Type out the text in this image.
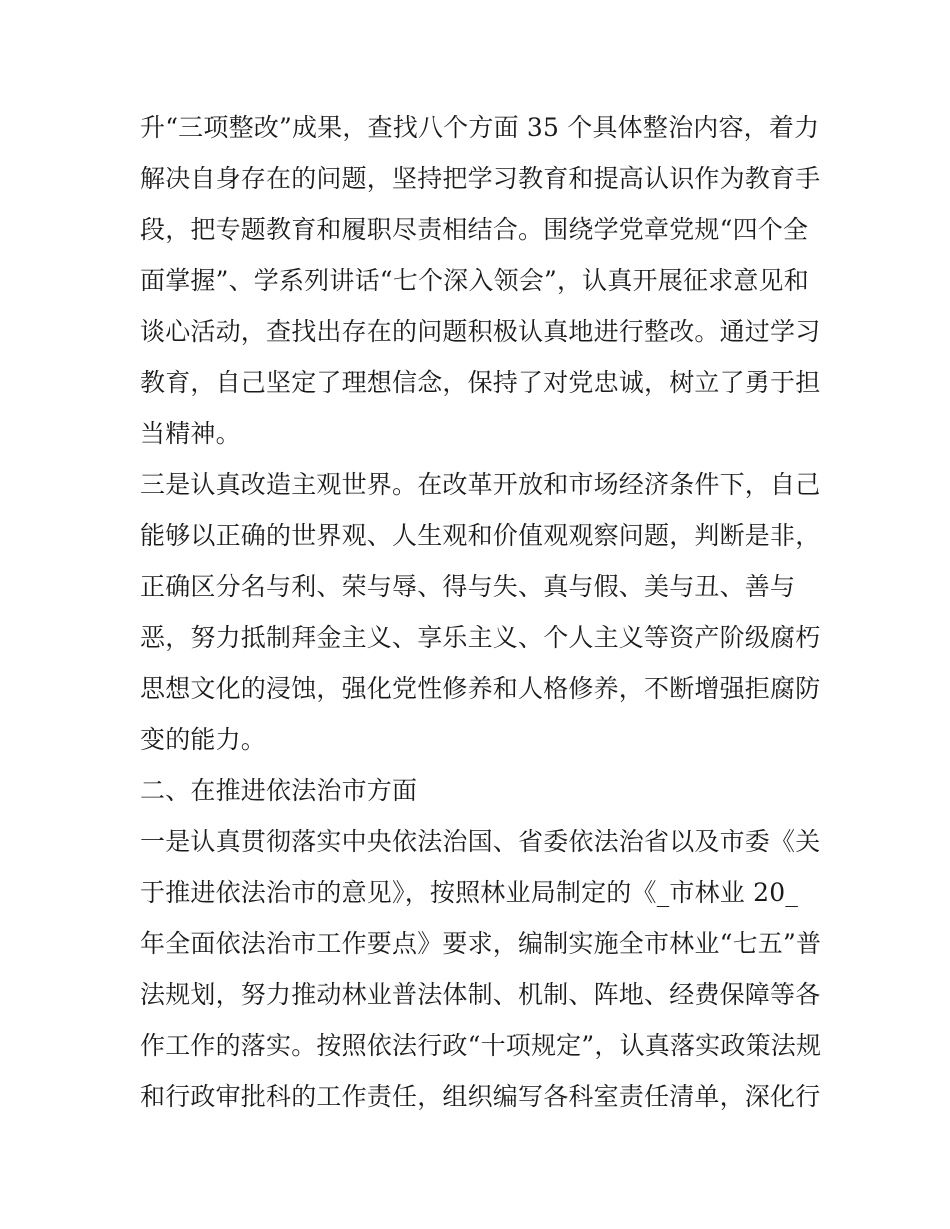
升“三项整改”成果，查找八个方面 35 个具体整治内容，着力
解决自身存在的问题，坚持把学习教育和提高认识作为教育手
段，把专题教育和履职尽责相结合。围绕学党章党规“四个全
面掌握”、学系列讲话“七个深入领会”，认真开展征求意见和
谈心活动，查找出存在的问题积极认真地进行整改。通过学习
教育，自己坚定了理想信念，保持了对党忠诚，树立了勇于担
当精神。
三是认真改造主观世界。在改革开放和市场经济条件下，自己
能够以正确的世界观、人生观和价值观观察问题，判断是非，
正确区分名与利、荣与辱、得与失、真与假、美与丑、善与
恶，努力抵制拜金主义、享乐主义、个人主义等资产阶级腐朽
思想文化的浸蚀，强化党性修养和人格修养，不断增强拒腐防
变的能力。
二、在推进依法治市方面
一是认真贯彻落实中央依法治国、省委依法治省以及市委《关
于推进依法治市的意见》，按照林业局制定的《_市林业 20_
年全面依法治市工作要点》要求，编制实施全市林业“七五”普
法规划，努力推动林业普法体制、机制、阵地、经费保障等各
作工作的落实。按照依法行政“十项规定”，认真落实政策法规
和行政审批科的工作责任，组织编写各科室责任清单，深化行
